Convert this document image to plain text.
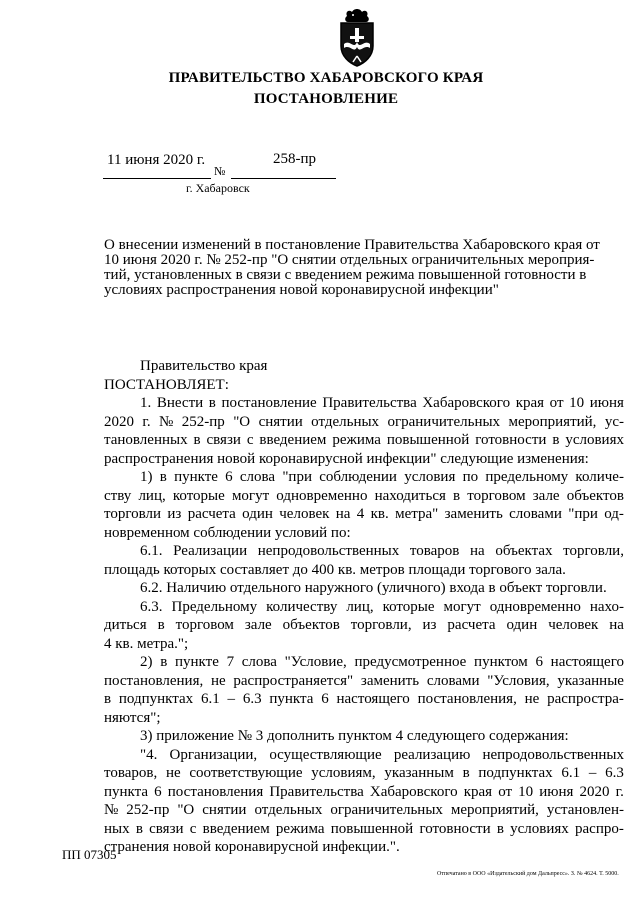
ПРАВИТЕЛЬСТВО ХАБАРОВСКОГО КРАЯ
ПОСТАНОВЛЕНИЕ
11 июня 2020 г.
№
258-пр
г. Хабаровск
О внесении изменений в постановление Правительства Хабаровского края от
10 июня 2020 г. № 252-пр "О снятии отдельных ограничительных мероприя-
тий, установленных в связи с введением режима повышенной готовности в
условиях распространения новой коронавирусной инфекции"
Правительство края
ПОСТАНОВЛЯЕТ:
1. Внести в постановление Правительства Хабаровского края от 10 июня
2020 г. № 252-пр "О снятии отдельных ограничительных мероприятий, ус-
тановленных в связи с введением режима повышенной готовности в условиях
распространения новой коронавирусной инфекции" следующие изменения:
1) в пункте 6 слова "при соблюдении условия по предельному количе-
ству лиц, которые могут одновременно находиться в торговом зале объектов
торговли из расчета один человек на 4 кв. метра" заменить словами "при од-
новременном соблюдении условий по:
6.1. Реализации непродовольственных товаров на объектах торговли,
площадь которых составляет до 400 кв. метров площади торгового зала.
6.2. Наличию отдельного наружного (уличного) входа в объект торговли.
6.3. Предельному количеству лиц, которые могут одновременно нахо-
диться в торговом зале объектов торговли, из расчета один человек на
4 кв. метра.";
2) в пункте 7 слова "Условие, предусмотренное пунктом 6 настоящего
постановления, не распространяется" заменить словами "Условия, указанные
в подпунктах 6.1 – 6.3 пункта 6 настоящего постановления, не распростра-
няются";
3) приложение № 3 дополнить пунктом 4 следующего содержания:
"4. Организации, осуществляющие реализацию непродовольственных
товаров, не соответствующие условиям, указанным в подпунктах 6.1 – 6.3
пункта 6 постановления Правительства Хабаровского края от 10 июня 2020 г.
№ 252-пр "О снятии отдельных ограничительных мероприятий, установлен-
ных в связи с введением режима повышенной готовности в условиях распро-
странения новой коронавирусной инфекции.".
ПП 07305
Отпечатано в ООО «Издательский дом Дальпресс». З. № 4624. Т. 5000.
